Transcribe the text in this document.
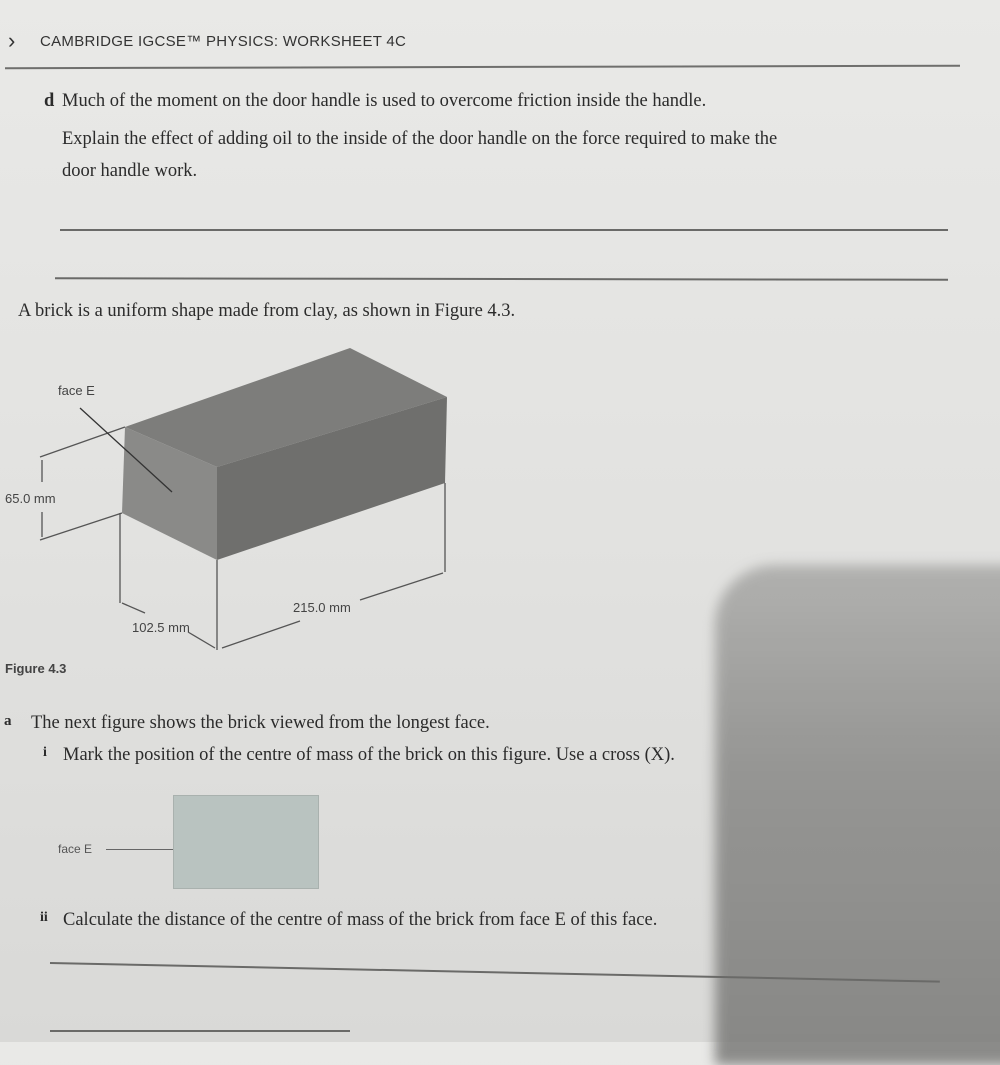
› CAMBRIDGE IGCSE™ PHYSICS: WORKSHEET 4C
d Much of the moment on the door handle is used to overcome friction inside the handle.
Explain the effect of adding oil to the inside of the door handle on the force required to make the
door handle work.
A brick is a uniform shape made from clay, as shown in Figure 4.3.
face E
65.0 mm
102.5 mm
215.0 mm
Figure 4.3
a The next figure shows the brick viewed from the longest face.
i Mark the position of the centre of mass of the brick on this figure. Use a cross (X).
face E
ii Calculate the distance of the centre of mass of the brick from face E of this face.
